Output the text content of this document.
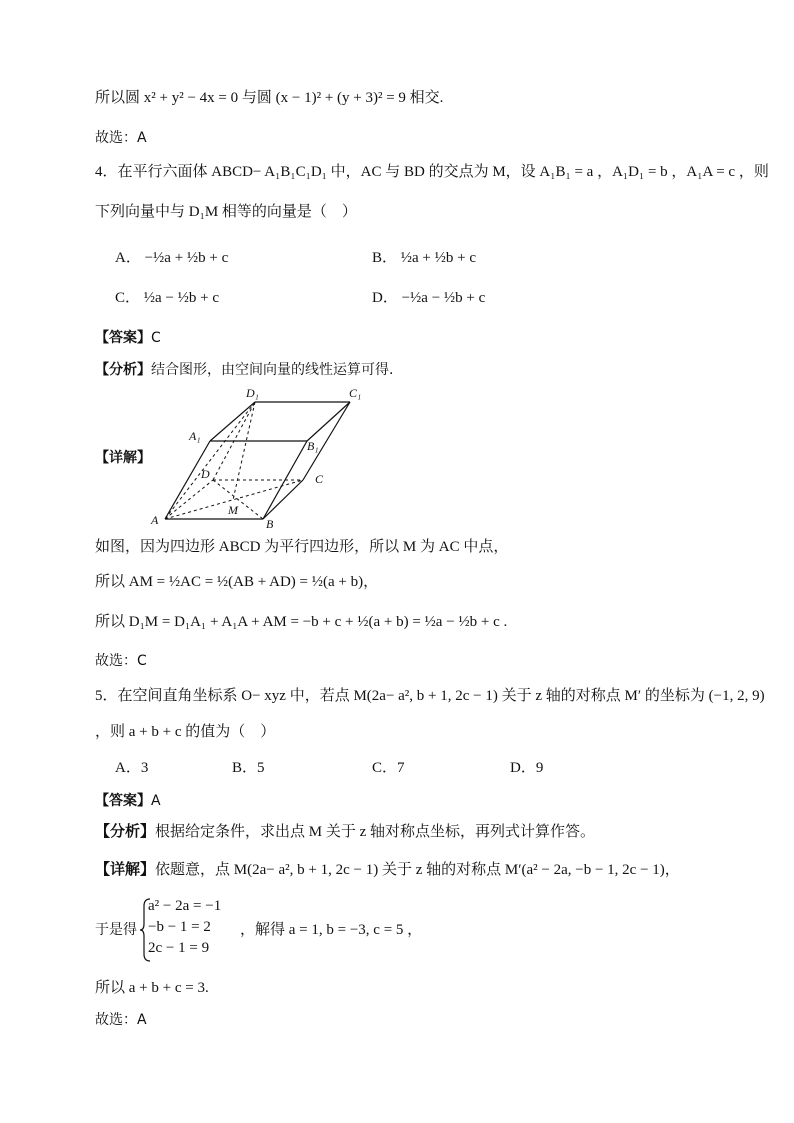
所以圆 x² + y² − 4x = 0 与圆 (x − 1)² + (y + 3)² = 9 相交.
故选：A
4．在平行六面体 ABCD− A₁B₁C₁D₁ 中，AC 与 BD 的交点为 M，设 A₁B₁ = a ，A₁D₁ = b ，A₁A = c ，则
下列向量中与 D₁M 相等的向量是（　）
A． −½a + ½b + c	B． ½a + ½b + c
C． ½a − ½b + c	D． −½a − ½b + c
【答案】C
【分析】结合图形，由空间向量的线性运算可得.
【详解】
D₁	C₁
A₁
B₁
D	C
M
A	B
如图，因为四边形 ABCD 为平行四边形，所以 M 为 AC 中点，
所以 AM = ½AC = ½(AB + AD) = ½(a + b)，
所以 D₁M = D₁A₁ + A₁A + AM = −b + c + ½(a + b) = ½a − ½b + c .
故选：C
5．在空间直角坐标系 O− xyz 中，若点 M(2a− a², b + 1, 2c − 1) 关于 z 轴的对称点 M′ 的坐标为 (−1, 2, 9)
，则 a + b + c 的值为（　）
A．3	B．5	C．7	D．9
【答案】A
【分析】根据给定条件，求出点 M 关于 z 轴对称点坐标，再列式计算作答。
【详解】依题意，点 M(2a− a², b + 1, 2c − 1) 关于 z 轴的对称点 M′(a² − 2a, −b − 1, 2c − 1)，
于是得
a² − 2a = −1
−b − 1 = 2
2c − 1 = 9
，解得 a = 1, b = −3, c = 5 ，
所以 a + b + c = 3.
故选：A
